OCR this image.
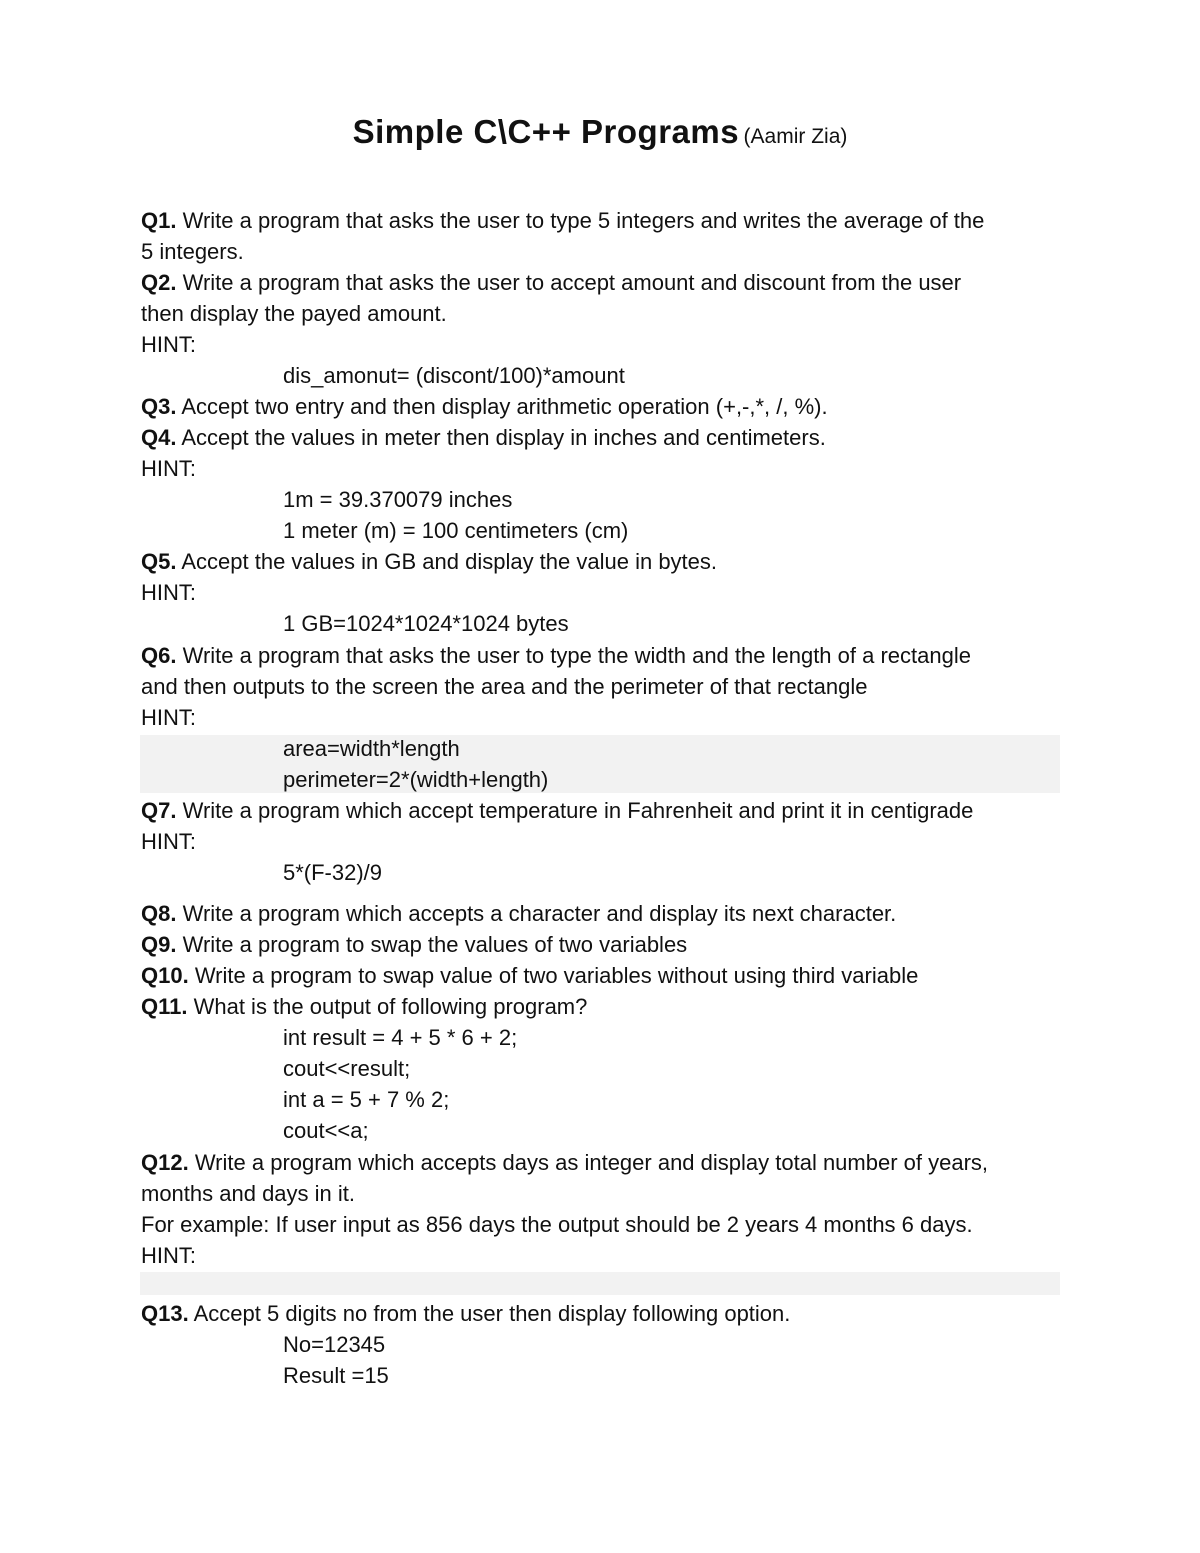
Simple C\C++ Programs (Aamir Zia)
Q1. Write a program that asks the user to type 5 integers and writes the average of the
5 integers.
Q2. Write a program that asks the user to accept amount and discount from the user
then display the payed amount.
HINT:
dis_amonut= (discont/100)*amount
Q3. Accept two entry and then display arithmetic operation (+,-,*, /, %).
Q4. Accept the values in meter then display in inches and centimeters.
HINT:
1m = 39.370079 inches
1 meter (m) = 100 centimeters (cm)
Q5. Accept the values in GB and display the value in bytes.
HINT:
1 GB=1024*1024*1024 bytes
Q6. Write a program that asks the user to type the width and the length of a rectangle
and then outputs to the screen the area and the perimeter of that rectangle
HINT:
area=width*length
perimeter=2*(width+length)
Q7. Write a program which accept temperature in Fahrenheit and print it in centigrade
HINT:
5*(F-32)/9
Q8. Write a program which accepts a character and display its next character.
Q9. Write a program to swap the values of two variables
Q10. Write a program to swap value of two variables without using third variable
Q11. What is the output of following program?
int result = 4 + 5 * 6 + 2;
cout<<result;
int a = 5 + 7 % 2;
cout<<a;
Q12. Write a program which accepts days as integer and display total number of years,
months and days in it.
For example: If user input as 856 days the output should be 2 years 4 months 6 days.
HINT:
Q13. Accept 5 digits no from the user then display following option.
No=12345
Result =15
